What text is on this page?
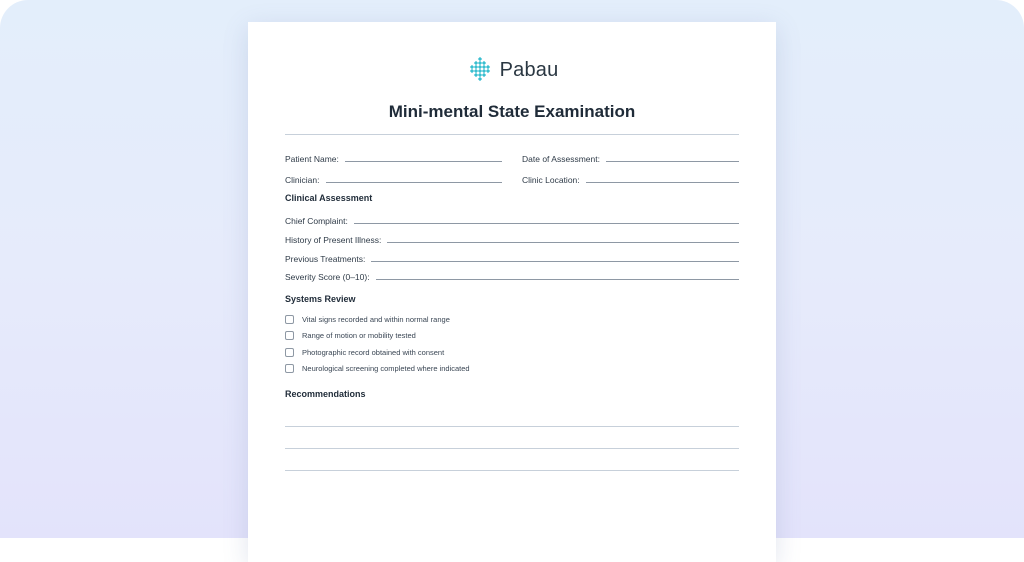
Pabau
Mini-mental State Examination
Patient Name:	Date of Assessment:
Clinician:	Clinic Location:
Clinical Assessment
Chief Complaint:
History of Present Illness:
Previous Treatments:
Severity Score (0–10):
Systems Review
Vital signs recorded and within normal range
Range of motion or mobility tested
Photographic record obtained with consent
Neurological screening completed where indicated
Recommendations
